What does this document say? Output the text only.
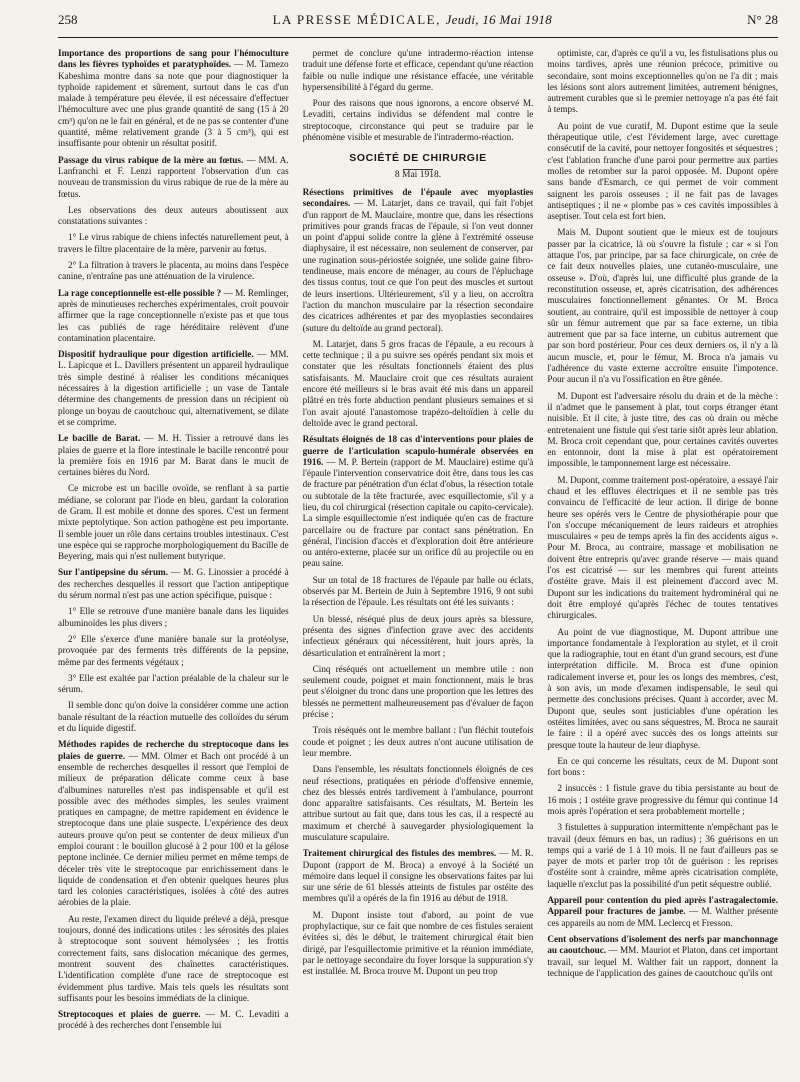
258	LA PRESSE MÉDICALE, Jeudi, 16 Mai 1918	N° 28

Importance des proportions de sang pour l'hémoculture dans les fièvres typhoïdes et paratyphoïdes. — M. Tamezo Kabeshima montre dans sa note que pour diagnostiquer la typhoïde rapidement et sûrement, surtout dans le cas d'un malade à température peu élevée, il est nécessaire d'effectuer l'hémoculture avec une plus grande quantité de sang (15 à 20 cm³) qu'on ne le fait en général, et de ne pas se contenter d'une quantité, même relativement grande (3 à 5 cm³), qui est insuffisante pour obtenir un résultat positif.

Passage du virus rabique de la mère au fœtus. — MM. A. Lanfranchi et F. Lenzi rapportent l'observation d'un cas nouveau de transmission du virus rabique de rue de la mère au fœtus.

Les observations des deux auteurs aboutissent aux constatations suivantes :

1° Le virus rabique de chiens infectés naturellement peut, à travers le filtre placentaire de la mère, parvenir au fœtus.

2° La filtration à travers le placenta, au moins dans l'espèce canine, n'entraîne pas une atténuation de la virulence.

La rage conceptionnelle est-elle possible ? — M. Remlinger, après de minutieuses recherches expérimentales, croit pouvoir affirmer que la rage conceptionnelle n'existe pas et que tous les cas publiés de rage héréditaire relèvent d'une contamination placentaire.

Dispositif hydraulique pour digestion artificielle. — MM. L. Lapicque et L. Davillers présentent un appareil hydraulique très simple destiné à réaliser les conditions mécaniques nécessaires à la digestion artificielle ; un vase de Tantale détermine des changements de pression dans un récipient où plonge un boyau de caoutchouc qui, alternativement, se dilate et se comprime.

Le bacille de Barat. — M. H. Tissier a retrouvé dans les plaies de guerre et la flore intestinale le bacille rencontré pour la première fois en 1916 par M. Barat dans le mucit de certaines bières du Nord.

Ce microbe est un bacille ovoïde, se renflant à sa partie médiane, se colorant par l'iode en bleu, gardant la coloration de Gram. Il est mobile et donne des spores. C'est un ferment mixte peptolytique. Son action pathogène est peu importante. Il semble jouer un rôle dans certains troubles intestinaux. C'est une espèce qui se rapproche morphologiquement du Bacille de Beyering, mais qui n'est nullement butyrique.

Sur l'antipepsine du sérum. — M. G. Linossier a procédé à des recherches desquelles il ressort que l'action antipeptique du sérum normal n'est pas une action spécifique, puisque :

1° Elle se retrouve d'une manière banale dans les liquides albuminoïdes les plus divers ;

2° Elle s'exerce d'une manière banale sur la protéolyse, provoquée par des ferments très différents de la pepsine, même par des ferments végétaux ;

3° Elle est exaltée par l'action préalable de la chaleur sur le sérum.

Il semble donc qu'on doive la considérer comme une action banale résultant de la réaction mutuelle des colloïdes du sérum et du liquide digestif.

Méthodes rapides de recherche du streptocoque dans les plaies de guerre. — MM. Olmer et Bach ont procédé à un ensemble de recherches desquelles il ressort que l'emploi de milieux de préparation délicate comme ceux à base d'albumines naturelles n'est pas indispensable et qu'il est possible avec des méthodes simples, les seules vraiment pratiques en campagne, de mettre rapidement en évidence le streptocoque dans une plaie suspecte. L'expérience des deux auteurs prouve qu'on peut se contenter de deux milieux d'un emploi courant : le bouillon glucosé à 2 pour 100 et la gélose peptone inclinée. Ce dernier milieu permet en même temps de déceler très vite le streptocoque par enrichissement dans le liquide de condensation et d'en obtenir quelques heures plus tard les colonies caractéristiques, isolées à côté des autres aérobies de la plaie.

Au reste, l'examen direct du liquide prélevé a déjà, presque toujours, donné des indications utiles : les sérosités des plaies à streptocoque sont souvent hémolysées ; les frottis correctement faits, sans dislocation mécanique des germes, montrent souvent des chaînettes caractéristiques. L'identification complète d'une race de streptocoque est évidemment plus tardive. Mais tels quels les résultats sont suffisants pour les besoins immédiats de la clinique.

Streptocoques et plaies de guerre. — M. C. Levaditi a procédé à des recherches dont l'ensemble lui

permet de conclure qu'une intradermo-réaction intense traduit une défense forte et efficace, cependant qu'une réaction faible ou nulle indique une résistance effacée, une véritable hypersensibilité à l'égard du germe.

Pour des raisons que nous ignorons, a encore observé M. Levaditi, certains individus se défendent mal contre le streptocoque, circonstance qui peut se traduire par le phénomène visible et mesurable de l'intradermo-réaction.

SOCIÉTÉ DE CHIRURGIE
8 Mai 1918.

Résections primitives de l'épaule avec myoplasties secondaires. — M. Latarjet, dans ce travail, qui fait l'objet d'un rapport de M. Mauclaire, montre que, dans les résections primitives pour grands fracas de l'épaule, si l'on veut donner un point d'appui solide contre la glène à l'extrémité osseuse diaphysaire, il est nécessaire, non seulement de conserver, par une rugination sous-périostée soignée, une solide gaine fibro-tendineuse, mais encore de ménager, au cours de l'épluchage des tissus contus, tout ce que l'on peut des muscles et surtout de leurs insertions. Ultérieurement, s'il y a lieu, on accroîtra l'action du manchon musculaire par la résection secondaire des cicatrices adhérentes et par des myoplasties secondaires (suture du deltoïde au grand pectoral).

M. Latarjet, dans 5 gros fracas de l'épaule, a eu recours à cette technique ; il a pu suivre ses opérés pendant six mois et constater que les résultats fonctionnels étaient des plus satisfaisants. M. Mauclaire croit que ces résultats auraient encore été meilleurs si le bras avait été mis dans un appareil plâtré en très forte abduction pendant plusieurs semaines et si l'on avait ajouté l'anastomose trapézo-deltoïdien à celle du deltoïde avec le grand pectoral.

Résultats éloignés de 18 cas d'interventions pour plaies de guerre de l'articulation scapulo-humérale observées en 1916. — M. P. Bertein (rapport de M. Mauclaire) estime qu'à l'épaule l'intervention conservatrice doit être, dans tous les cas de fracture par pénétration d'un éclat d'obus, la résection totale ou subtotale de la tête fracturée, avec esquillectomie, s'il y a lieu, du col chirurgical (résection capitale ou capito-cervicale). La simple esquillectomie n'est indiquée qu'en cas de fracture parcellaire ou de fracture par contact sans pénétration. En général, l'incision d'accès et d'exploration doit être antérieure ou antéro-externe, placée sur un orifice dû au projectile ou en peau saine.

Sur un total de 18 fractures de l'épaule par balle ou éclats, observés par M. Bertein de Juin à Septembre 1916, 9 ont subi la résection de l'épaule. Les résultats ont été les suivants :

Un blessé, réséqué plus de deux jours après sa blessure, présenta des signes d'infection grave avec des accidents infectieux généraux qui nécessitèrent, huit jours après, la désarticulation et entraînèrent la mort ;

Cinq réséqués ont actuellement un membre utile : non seulement coude, poignet et main fonctionnent, mais le bras peut s'éloigner du tronc dans une proportion que les lettres des blessés ne permettent malheureusement pas d'évaluer de façon précise ;

Trois réséqués ont le membre ballant : l'un fléchit toutefois coude et poignet ; les deux autres n'ont aucune utilisation de leur membre.

Dans l'ensemble, les résultats fonctionnels éloignés de ces neuf résections, pratiquées en période d'offensive ennemie, chez des blessés entrés tardivement à l'ambulance, pourront donc apparaître satisfaisants. Ces résultats, M. Bertein les attribue surtout au fait que, dans tous les cas, il a respecté au maximum et cherché à sauvegarder physiologiquement la musculature scapulaire.

Traitement chirurgical des fistules des membres. — M. R. Dupont (rapport de M. Broca) a envoyé à la Société un mémoire dans lequel il consigne les observations faites par lui sur une série de 61 blessés atteints de fistules par ostéite des membres qu'il a opérés de la fin 1916 au début de 1918.

M. Dupont insiste tout d'abord, au point de vue prophylactique, sur ce fait que nombre de ces fistules seraient évitées si, dès le début, le traitement chirurgical était bien dirigé, par l'esquillectomie primitive et la réunion immédiate, par le nettoyage secondaire du foyer lorsque la suppuration s'y est installée. M. Broca trouve M. Dupont un peu trop

optimiste, car, d'après ce qu'il a vu, les fistulisations plus ou moins tardives, après une réunion précoce, primitive ou secondaire, sont moins exceptionnelles qu'on ne l'a dit ; mais les lésions sont alors autrement limitées, autrement bénignes, autrement curables que si le premier nettoyage n'a pas été fait à temps.

Au point de vue curatif, M. Dupont estime que la seule thérapeutique utile, c'est l'évidement large, avec curettage consécutif de la cavité, pour nettoyer fongosités et séquestres ; c'est l'ablation franche d'une paroi pour permettre aux parties molles de retomber sur la paroi opposée. M. Dupont opère sans bande d'Esmarch, ce qui permet de voir comment saignent les parois osseuses ; il ne fait pas de lavages antiseptiques ; il ne « plombe pas » ces cavités impossibles à aseptiser. Tout cela est fort bien.

Mais M. Dupont soutient que le mieux est de toujours passer par la cicatrice, là où s'ouvre la fistule ; car « si l'on attaque l'os, par principe, par sa face chirurgicale, on crée de ce fait deux nouvelles plaies, une cutanéo-musculaire, une osseuse ». D'où, d'après lui, une difficulté plus grande de la reconstitution osseuse, et, après cicatrisation, des adhérences musculaires fonctionnellement gênantes. Or M. Broca soutient, au contraire, qu'il est impossible de nettoyer à coup sûr un fémur autrement que par sa face externe, un tibia autrement que par sa face interne, un cubitus autrement que par son bord postérieur. Pour ces deux derniers os, il n'y a là aucun muscle, et, pour le fémur, M. Broca n'a jamais vu l'adhérence du vaste externe accroître ensuite l'impotence. Pour aucun il n'a vu l'ossification en être gênée.

M. Dupont est l'adversaire résolu du drain et de la mèche : il n'admet que le pansement à plat, tout corps étranger étant nuisible. Et il cite, à juste titre, des cas où drain ou mèche entretenaient une fistule qui s'est tarie sitôt après leur ablation. M. Broca croit cependant que, pour certaines cavités ouvertes en entonnoir, dont la mise à plat est opératoirement impossible, le tamponnement large est nécessaire.

M. Dupont, comme traitement post-opératoire, a essayé l'air chaud et les effluves électriques et il ne semble pas très convaincu de l'efficacité de leur action. Il dirige de bonne heure ses opérés vers le Centre de physiothérapie pour que l'on s'occupe mécaniquement de leurs raideurs et atrophies musculaires « peu de temps après la fin des accidents aigus ». Pour M. Broca, au contraire, massage et mobilisation ne doivent être entrepris qu'avec grande réserve — mais quand l'os est cicatrisé — sur les membres qui furent atteints d'ostéite grave. Mais il est pleinement d'accord avec M. Dupont sur les indications du traitement hydrominéral qui ne doit être employé qu'après l'échec de toutes tentatives chirurgicales.

Au point de vue diagnostique, M. Dupont attribue une importance fondamentale à l'exploration au stylet, et il croit que la radiographie, tout en étant d'un grand secours, est d'une interprétation difficile. M. Broca est d'une opinion radicalement inverse et, pour les os longs des membres, c'est, à son avis, un mode d'examen indispensable, le seul qui permette des conclusions précises. Quant à accorder, avec M. Dupont que, seules sont justiciables d'une opération les ostéites limitées, avec ou sans séquestres, M. Broca ne saurait le faire : il a opéré avec succès des os longs atteints sur presque toute la hauteur de leur diaphyse.

En ce qui concerne les résultats, ceux de M. Dupont sont fort bons :

2 insuccès : 1 fistule grave du tibia persistante au bout de 16 mois ; 1 ostéite grave progressive du fémur qui continue 14 mois après l'opération et sera probablement mortelle ;

3 fistulettes à suppuration intermittente n'empêchant pas le travail (deux fémurs en bas, un radius) ; 36 guérisons en un temps qui a varié de 1 à 10 mois. Il ne faut d'ailleurs pas se payer de mots et parler trop tôt de guérison : les reprises d'ostéite sont à craindre, même après cicatrisation complète, laquelle n'exclut pas la possibilité d'un petit séquestre oublié.

Appareil pour contention du pied après l'astragalectomie. Appareil pour fractures de jambe. — M. Walther présente ces appareils au nom de MM. Leclercq et Fresson.

Cent observations d'isolement des nerfs par manchonnage au caoutchouc. — MM. Mauriot et Platon, dans cet important travail, sur lequel M. Walther fait un rapport, donnent la technique de l'application des gaines de caoutchouc qu'ils ont
